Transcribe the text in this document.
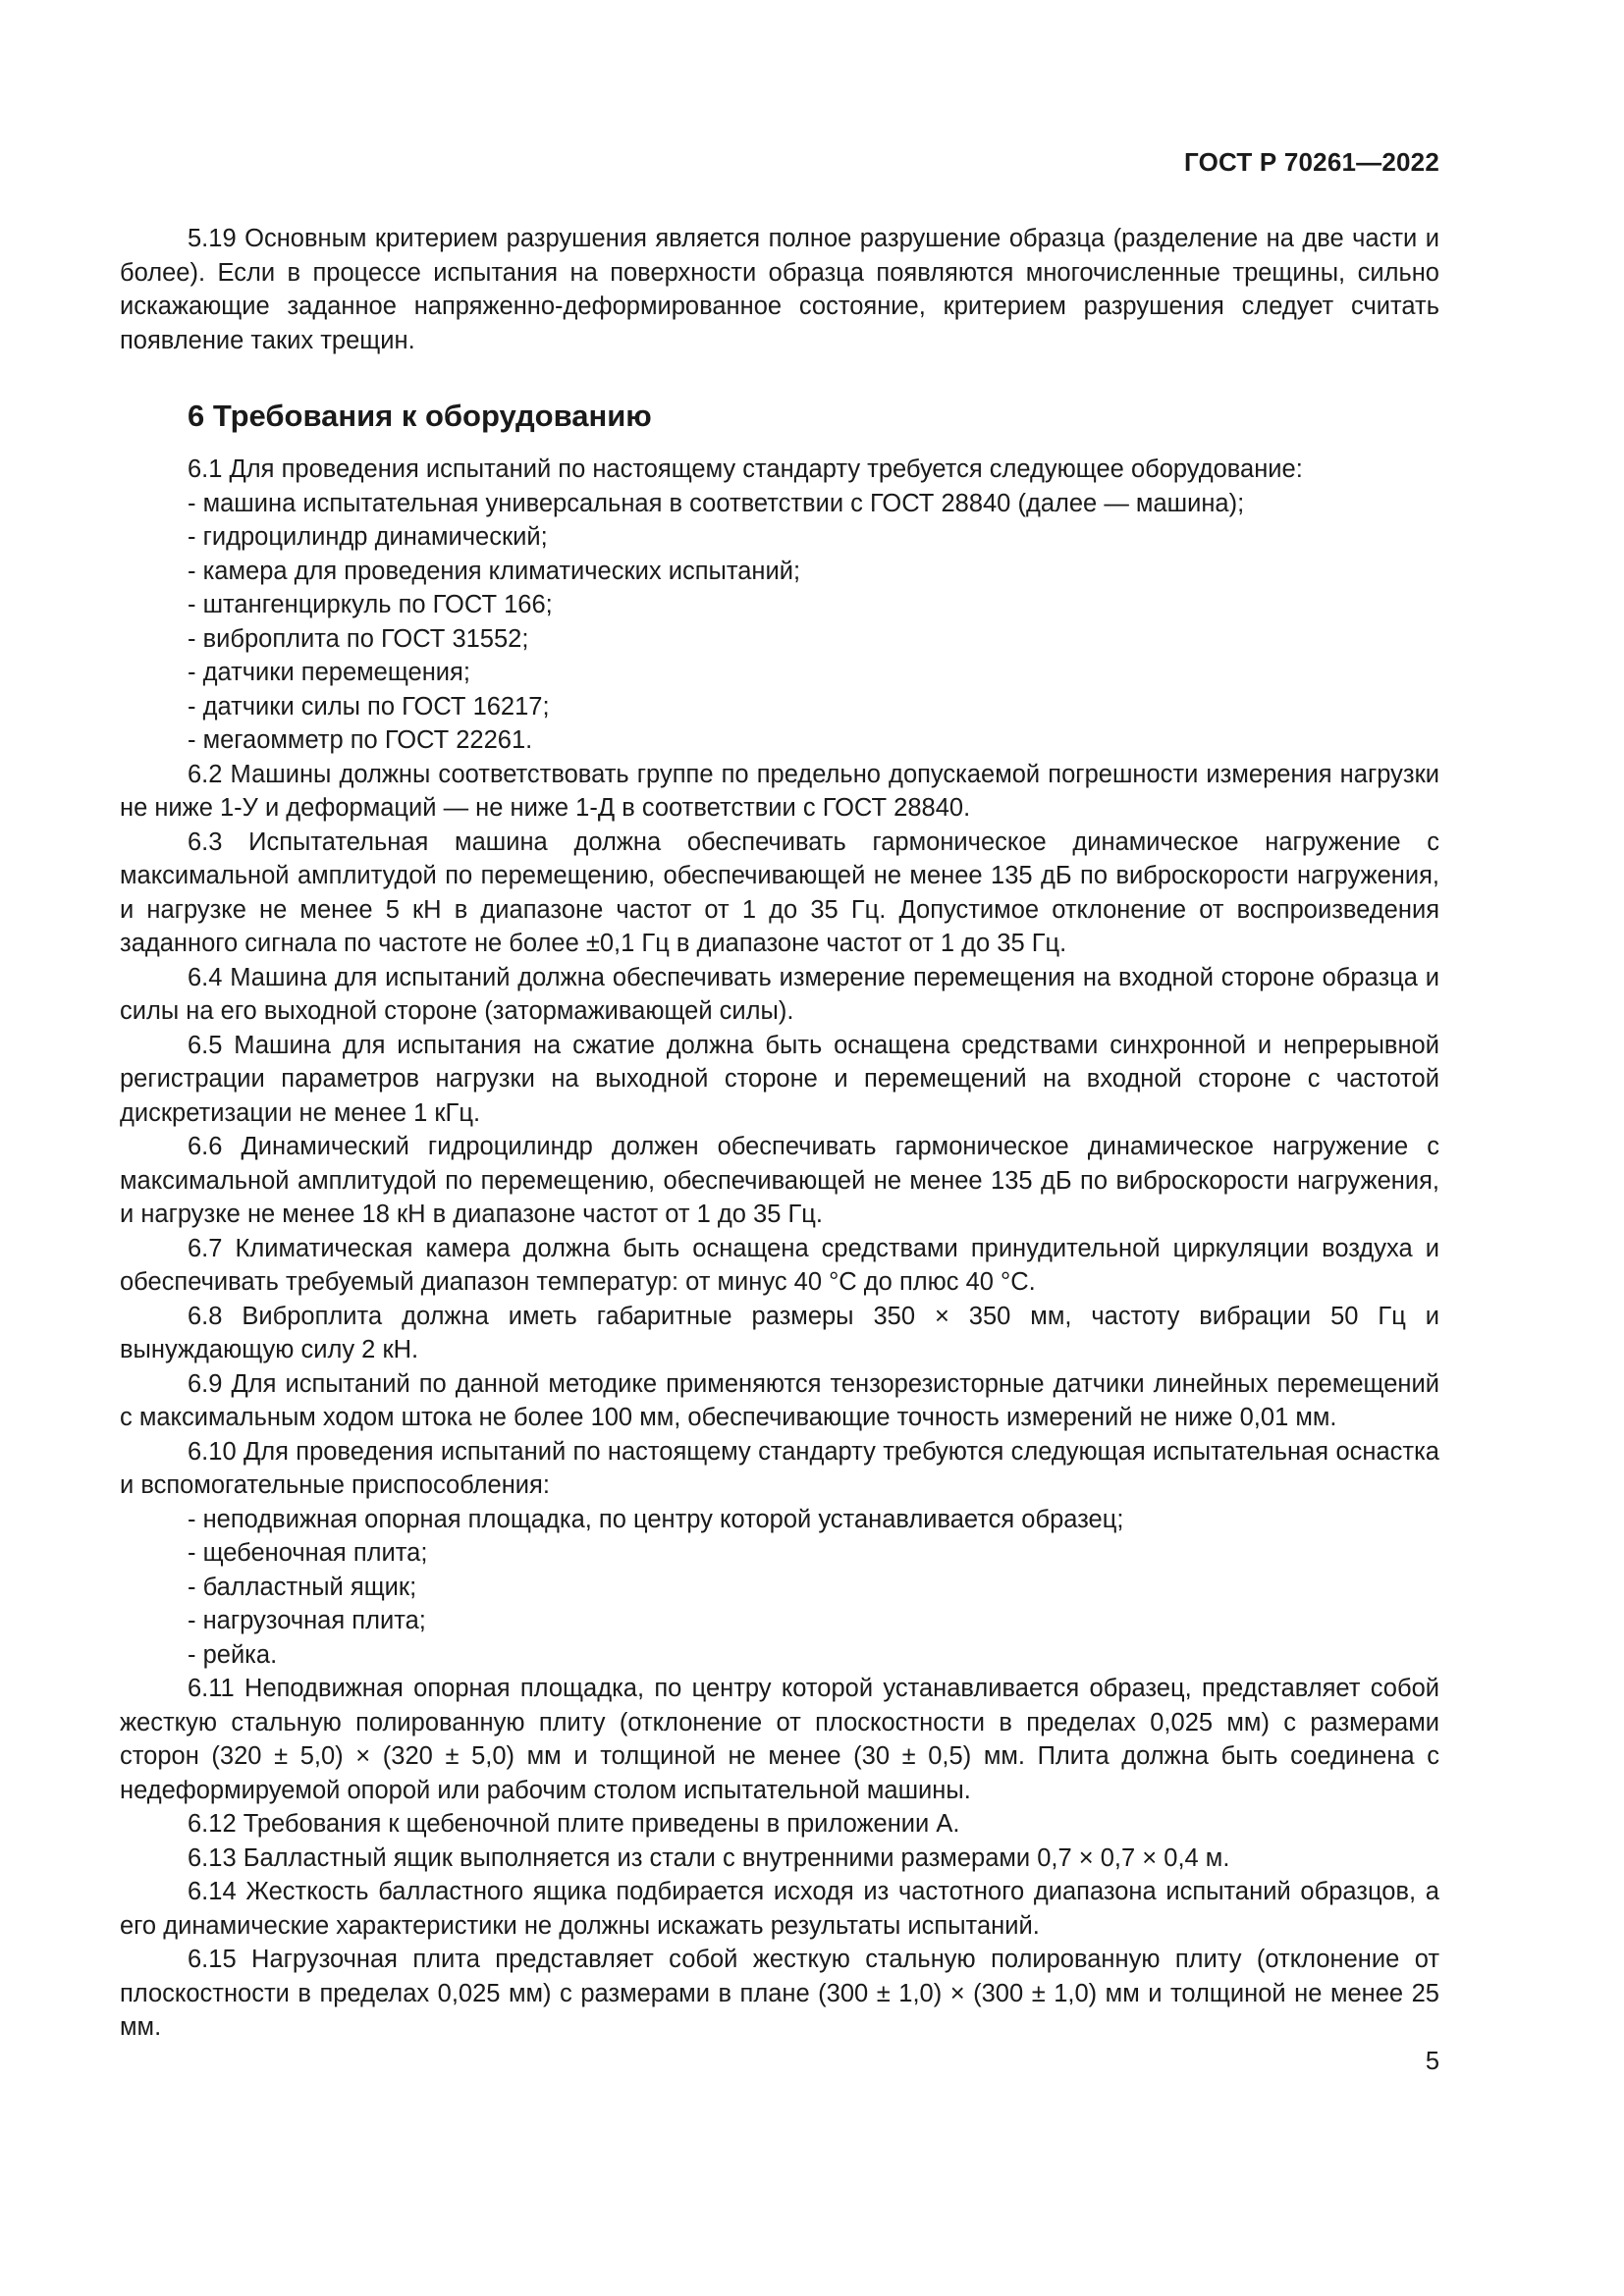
ГОСТ Р 70261—2022

5.19 Основным критерием разрушения является полное разрушение образца (разделение на две части и более). Если в процессе испытания на поверхности образца появляются многочисленные трещины, сильно искажающие заданное напряженно-деформированное состояние, критерием разрушения следует считать появление таких трещин.

6 Требования к оборудованию

6.1 Для проведения испытаний по настоящему стандарту требуется следующее оборудование:

- машина испытательная универсальная в соответствии с ГОСТ 28840 (далее — машина);

- гидроцилиндр динамический;

- камера для проведения климатических испытаний;

- штангенциркуль по ГОСТ 166;

- виброплита по ГОСТ 31552;

- датчики перемещения;

- датчики силы по ГОСТ 16217;

- мегаомметр по ГОСТ 22261.

6.2 Машины должны соответствовать группе по предельно допускаемой погрешности измерения нагрузки не ниже 1-У и деформаций — не ниже 1-Д в соответствии с ГОСТ 28840.

6.3 Испытательная машина должна обеспечивать гармоническое динамическое нагружение с максимальной амплитудой по перемещению, обеспечивающей не менее 135 дБ по виброскорости нагружения, и нагрузке не менее 5 кН в диапазоне частот от 1 до 35 Гц. Допустимое отклонение от воспроизведения заданного сигнала по частоте не более ±0,1 Гц в диапазоне частот от 1 до 35 Гц.

6.4 Машина для испытаний должна обеспечивать измерение перемещения на входной стороне образца и силы на его выходной стороне (затормаживающей силы).

6.5 Машина для испытания на сжатие должна быть оснащена средствами синхронной и непрерывной регистрации параметров нагрузки на выходной стороне и перемещений на входной стороне с частотой дискретизации не менее 1 кГц.

6.6 Динамический гидроцилиндр должен обеспечивать гармоническое динамическое нагружение с максимальной амплитудой по перемещению, обеспечивающей не менее 135 дБ по виброскорости нагружения, и нагрузке не менее 18 кН в диапазоне частот от 1 до 35 Гц.

6.7 Климатическая камера должна быть оснащена средствами принудительной циркуляции воздуха и обеспечивать требуемый диапазон температур: от минус 40 °С до плюс 40 °С.

6.8 Виброплита должна иметь габаритные размеры 350 × 350 мм, частоту вибрации 50 Гц и вынуждающую силу 2 кН.

6.9 Для испытаний по данной методике применяются тензорезисторные датчики линейных перемещений с максимальным ходом штока не более 100 мм, обеспечивающие точность измерений не ниже 0,01 мм.

6.10 Для проведения испытаний по настоящему стандарту требуются следующая испытательная оснастка и вспомогательные приспособления:

- неподвижная опорная площадка, по центру которой устанавливается образец;

- щебеночная плита;

- балластный ящик;

- нагрузочная плита;

- рейка.

6.11 Неподвижная опорная площадка, по центру которой устанавливается образец, представляет собой жесткую стальную полированную плиту (отклонение от плоскостности в пределах 0,025 мм) с размерами сторон (320 ± 5,0) × (320 ± 5,0) мм и толщиной не менее (30 ± 0,5) мм. Плита должна быть соединена с недеформируемой опорой или рабочим столом испытательной машины.

6.12 Требования к щебеночной плите приведены в приложении А.

6.13 Балластный ящик выполняется из стали с внутренними размерами 0,7 × 0,7 × 0,4 м.

6.14 Жесткость балластного ящика подбирается исходя из частотного диапазона испытаний образцов, а его динамические характеристики не должны искажать результаты испытаний.

6.15 Нагрузочная плита представляет собой жесткую стальную полированную плиту (отклонение от плоскостности в пределах 0,025 мм) с размерами в плане (300 ± 1,0) × (300 ± 1,0) мм и толщиной не менее 25 мм.

5
